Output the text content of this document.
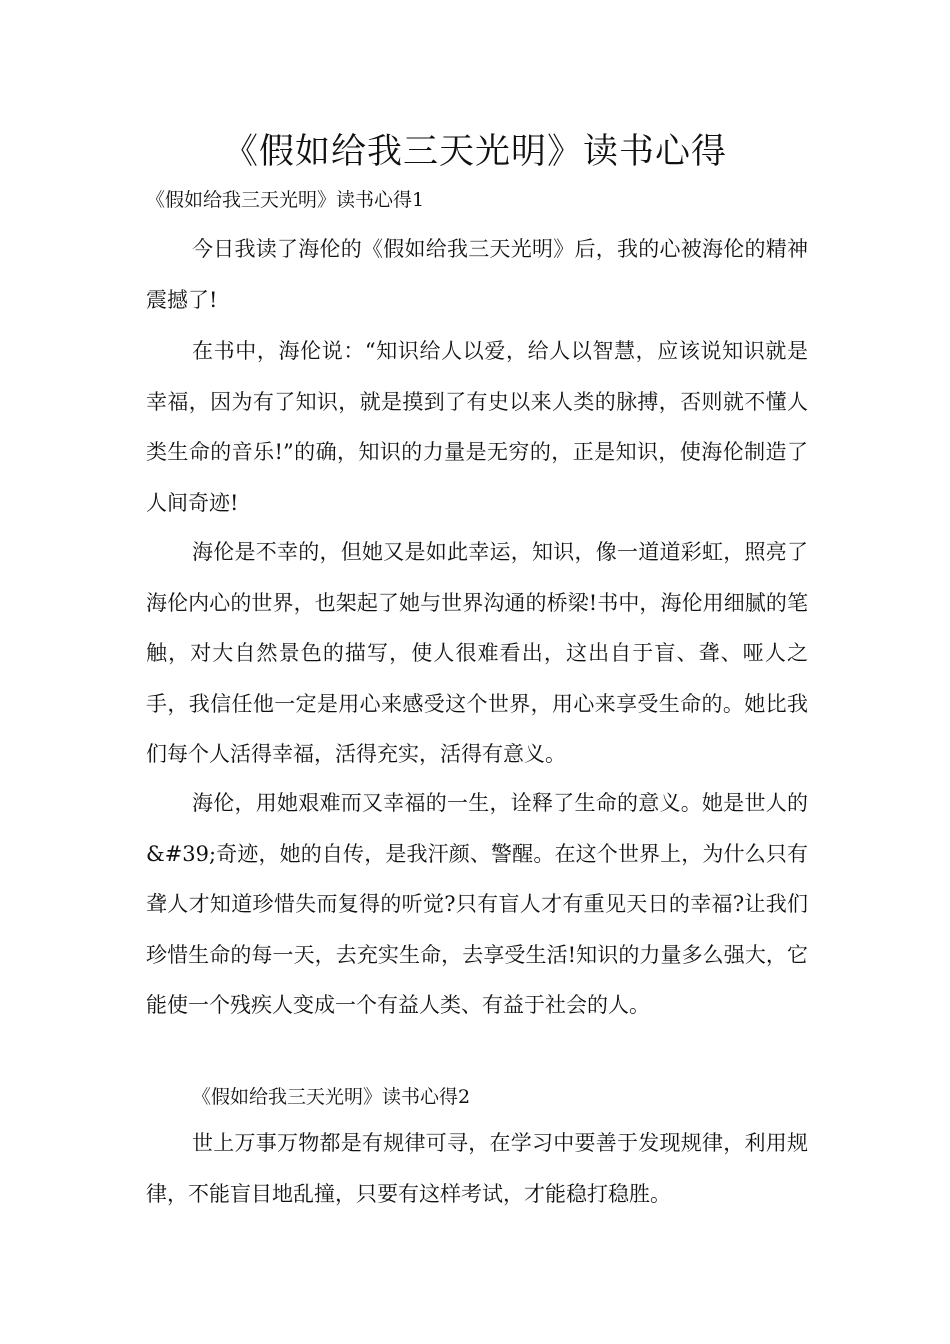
《假如给我三天光明》读书心得

《假如给我三天光明》读书心得1

今日我读了海伦的《假如给我三天光明》后，我的心被海伦的精神震撼了!

在书中，海伦说：“知识给人以爱，给人以智慧，应该说知识就是幸福，因为有了知识，就是摸到了有史以来人类的脉搏，否则就不懂人类生命的音乐!”的确，知识的力量是无穷的，正是知识，使海伦制造了人间奇迹!

海伦是不幸的，但她又是如此幸运，知识，像一道道彩虹，照亮了海伦内心的世界，也架起了她与世界沟通的桥梁!书中，海伦用细腻的笔触，对大自然景色的描写，使人很难看出，这出自于盲、聋、哑人之手，我信任他一定是用心来感受这个世界，用心来享受生命的。她比我们每个人活得幸福，活得充实，活得有意义。

海伦，用她艰难而又幸福的一生，诠释了生命的意义。她是世人的&#39;奇迹，她的自传，是我汗颜、警醒。在这个世界上，为什么只有聋人才知道珍惜失而复得的听觉?只有盲人才有重见天日的幸福?让我们珍惜生命的每一天，去充实生命，去享受生活!知识的力量多么强大，它能使一个残疾人变成一个有益人类、有益于社会的人。

《假如给我三天光明》读书心得2

世上万事万物都是有规律可寻，在学习中要善于发现规律，利用规律，不能盲目地乱撞，只要有这样考试，才能稳打稳胜。
